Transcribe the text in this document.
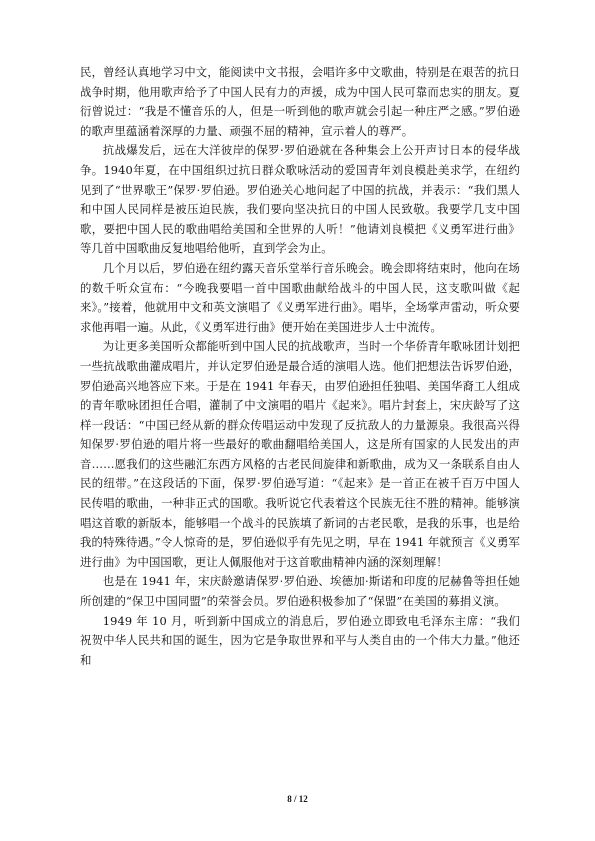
民，曾经认真地学习中文，能阅读中文书报，会唱许多中文歌曲，特别是在艰苦的抗日战争时期，他用歌声给予了中国人民有力的声援，成为中国人民可靠而忠实的朋友。夏衍曾说过：“我是不懂音乐的人，但是一听到他的歌声就会引起一种庄严之感。”罗伯逊的歌声里蕴涵着深厚的力量、顽强不屈的精神，宣示着人的尊严。

抗战爆发后，远在大洋彼岸的保罗·罗伯逊就在各种集会上公开声讨日本的侵华战争。1940年夏，在中国组织过抗日群众歌咏活动的爱国青年刘良模赴美求学，在纽约见到了“世界歌王”保罗·罗伯逊。罗伯逊关心地问起了中国的抗战，并表示：“我们黑人和中国人民同样是被压迫民族，我们要向坚决抗日的中国人民致敬。我要学几支中国歌，要把中国人民的歌曲唱给美国和全世界的人听！”他请刘良模把《义勇军进行曲》等几首中国歌曲反复地唱给他听，直到学会为止。

几个月以后，罗伯逊在纽约露天音乐堂举行音乐晚会。晚会即将结束时，他向在场的数千听众宣布：“今晚我要唱一首中国歌曲献给战斗的中国人民，这支歌叫做《起来》。”接着，他就用中文和英文演唱了《义勇军进行曲》。唱毕，全场掌声雷动，听众要求他再唱一遍。从此，《义勇军进行曲》便开始在美国进步人士中流传。

为让更多美国听众都能听到中国人民的抗战歌声，当时一个华侨青年歌咏团计划把一些抗战歌曲灌成唱片，并认定罗伯逊是最合适的演唱人选。他们把想法告诉罗伯逊，罗伯逊高兴地答应下来。于是在 1941 年春天，由罗伯逊担任独唱、美国华裔工人组成的青年歌咏团担任合唱，灌制了中文演唱的唱片《起来》。唱片封套上，宋庆龄写了这样一段话：“中国已经从新的群众传唱运动中发现了反抗敌人的力量源泉。我很高兴得知保罗·罗伯逊的唱片将一些最好的歌曲翻唱给美国人，这是所有国家的人民发出的声音……愿我们的这些融汇东西方风格的古老民间旋律和新歌曲，成为又一条联系自由人民的纽带。”在这段话的下面，保罗·罗伯逊写道：“《起来》是一首正在被千百万中国人民传唱的歌曲，一种非正式的国歌。我听说它代表着这个民族无往不胜的精神。能够演唱这首歌的新版本，能够唱一个战斗的民族填了新词的古老民歌，是我的乐事，也是给我的特殊待遇。”令人惊奇的是，罗伯逊似乎有先见之明，早在 1941 年就预言《义勇军进行曲》为中国国歌，更让人佩服他对于这首歌曲精神内涵的深刻理解！

也是在 1941 年，宋庆龄邀请保罗·罗伯逊、埃德加·斯诺和印度的尼赫鲁等担任她所创建的“保卫中国同盟”的荣誉会员。罗伯逊积极参加了“保盟”在美国的募捐义演。

1949 年 10 月，听到新中国成立的消息后，罗伯逊立即致电毛泽东主席：“我们祝贺中华人民共和国的诞生，因为它是争取世界和平与人类自由的一个伟大力量。”他还和

8 / 12
